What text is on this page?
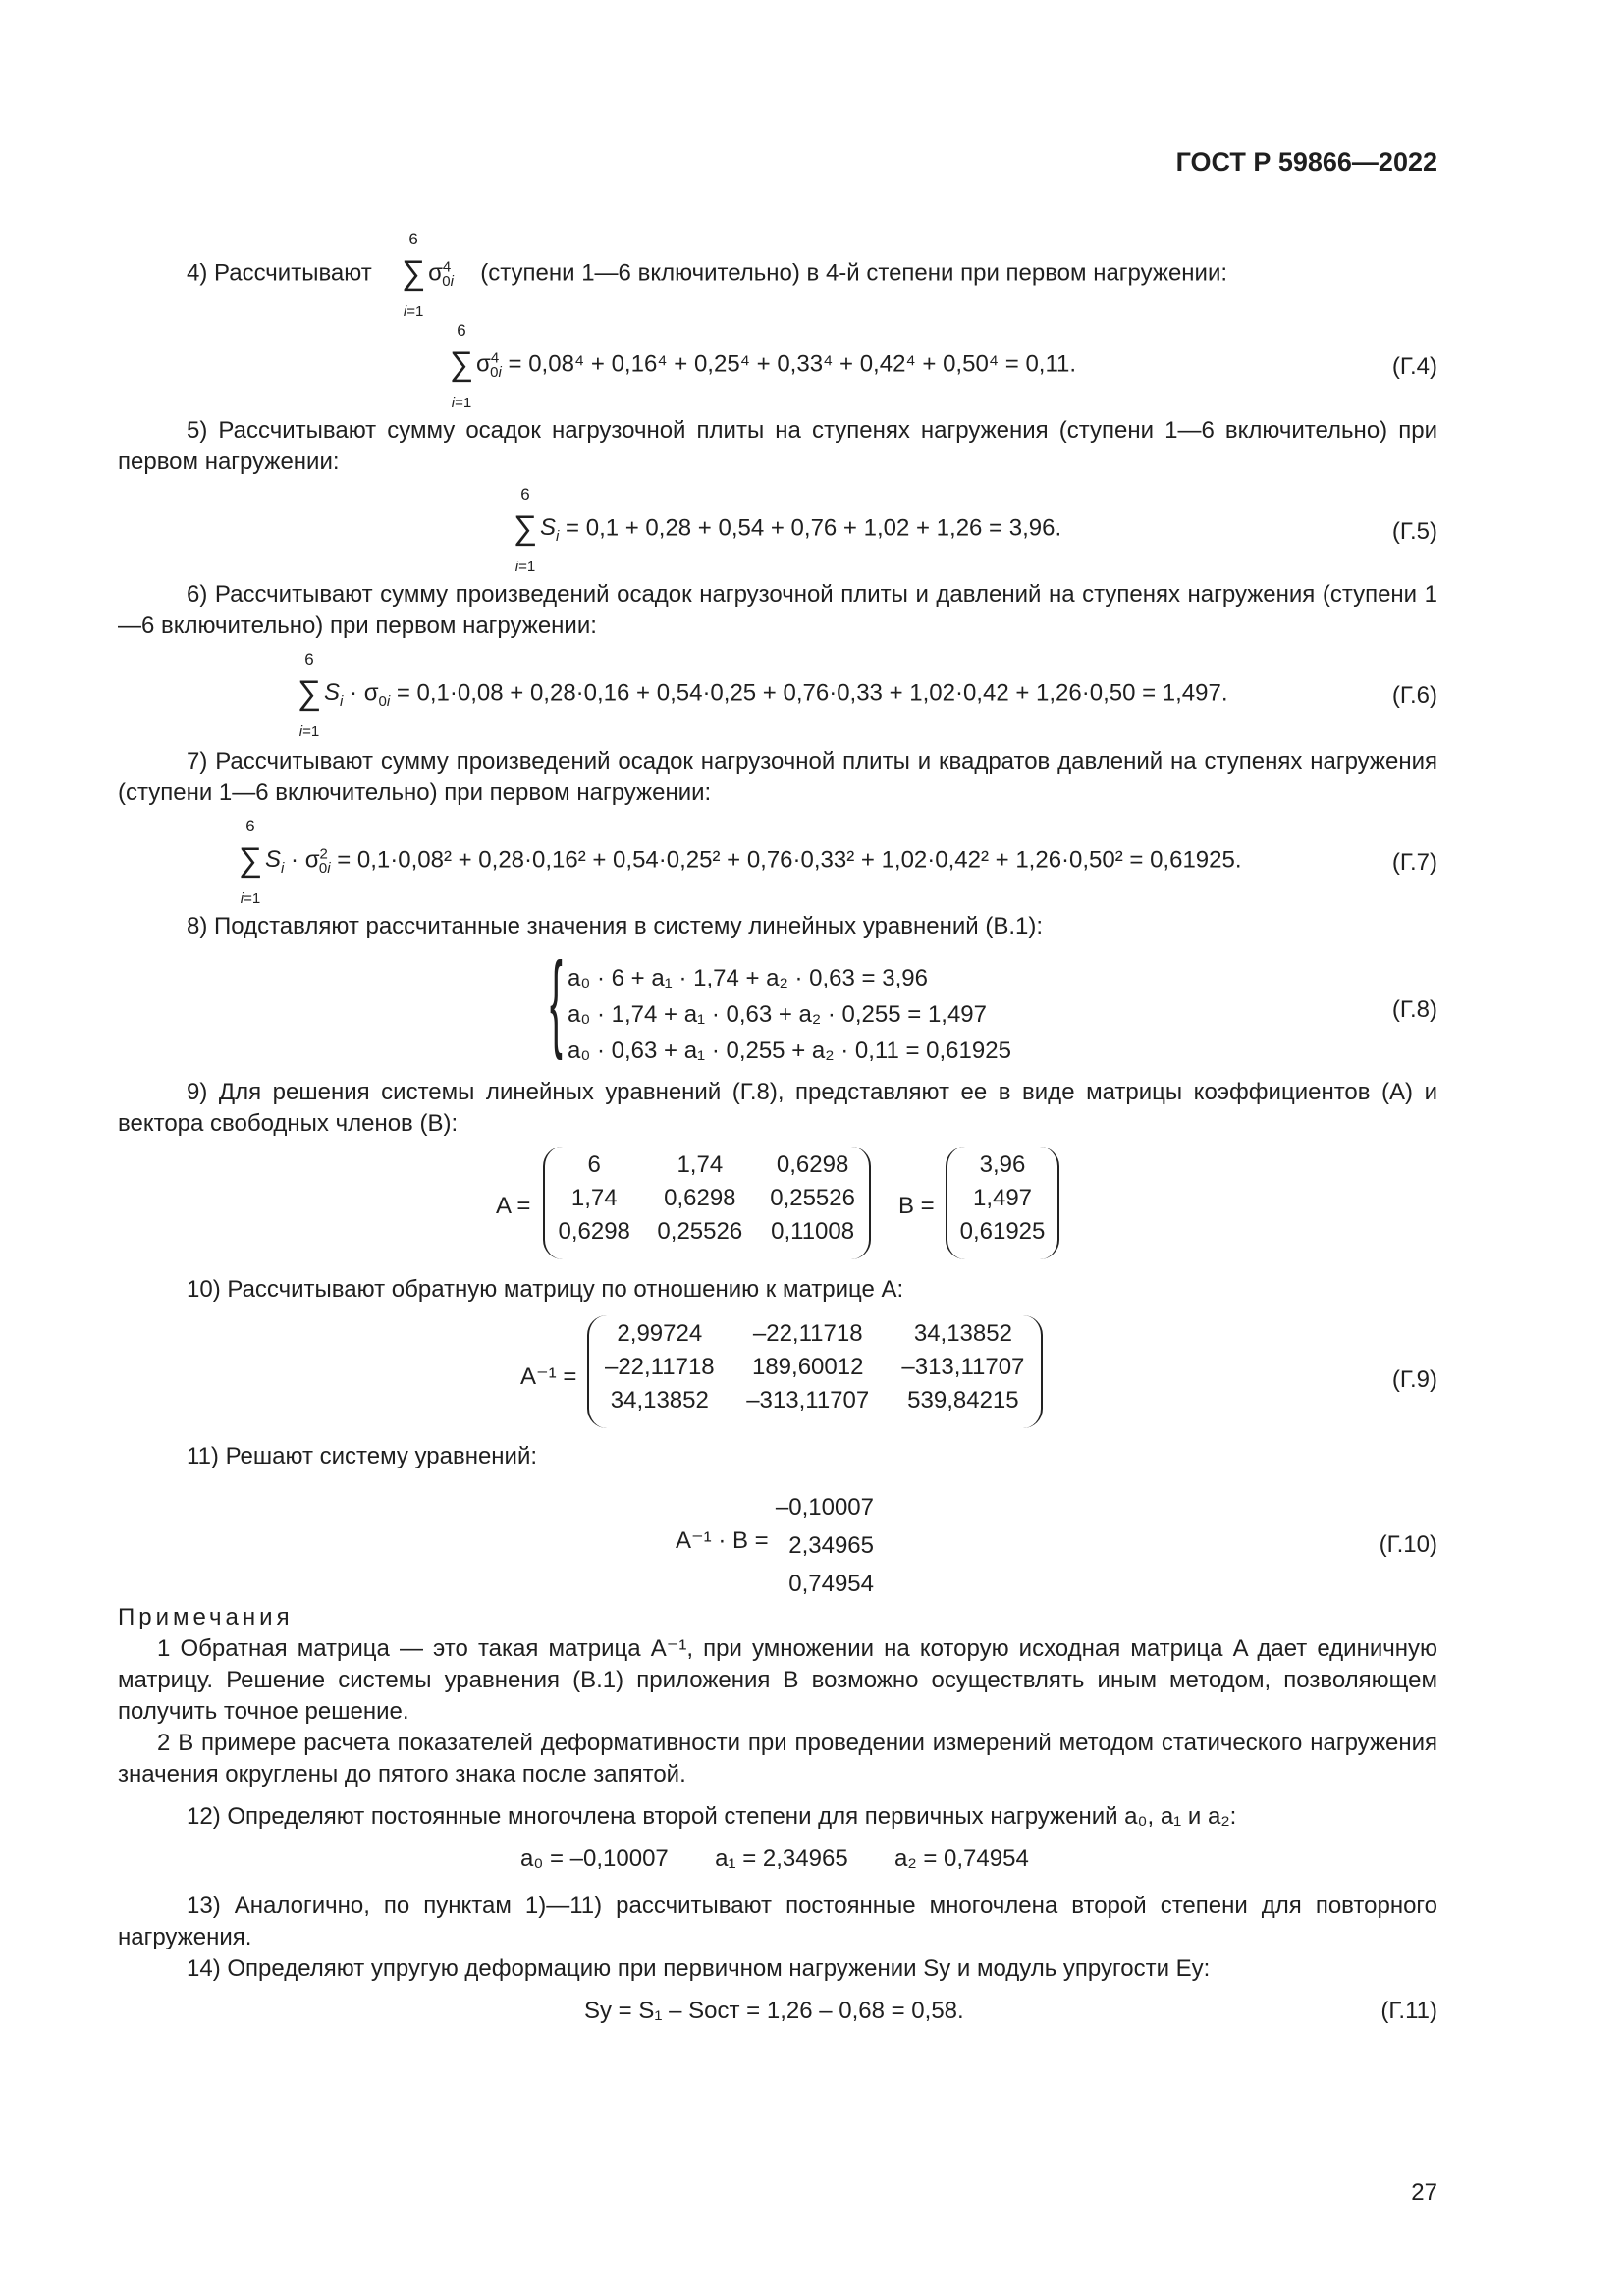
ГОСТ Р 59866—2022
4) Рассчитывают
6
∑
i=1
$\sigma^4_{0i}$ (ступени 1—6 включительно) в 4-й степени при первом нагружении:
6
∑
i=1
$\sigma^4_{0i} = 0,08^4 + 0,16^4 + 0,25^4 + 0,33^4 + 0,42^4 + 0,50^4 = 0,11$.	(Г.4)
5) Рассчитывают сумму осадок нагрузочной плиты на ступенях нагружения (ступени 1—6 включительно) при первом нагружении:
6
∑
i=1
$S_i = 0,1 + 0,28 + 0,54 + 0,76 + 1,02 + 1,26 = 3,96$.	(Г.5)
6) Рассчитывают сумму произведений осадок нагрузочной плиты и давлений на ступенях нагружения (ступени 1—6 включительно) при первом нагружении:
6
∑
i=1
$S_i \cdot \sigma_{0i} = 0,1\cdot 0,08 + 0,28\cdot 0,16 + 0,54\cdot 0,25 + 0,76\cdot 0,33 + 1,02\cdot 0,42 + 1,26\cdot 0,50 = 1,497$.	(Г.6)
7) Рассчитывают сумму произведений осадок нагрузочной плиты и квадратов давлений на ступенях нагружения (ступени 1—6 включительно) при первом нагружении:
6
∑
i=1
$S_i \cdot \sigma^2_{0i} = 0,1\cdot 0,08^2 + 0,28\cdot 0,16^2 + 0,54\cdot 0,25^2 + 0,76\cdot 0,33^2 + 1,02\cdot 0,42^2 + 1,26\cdot 0,50^2 = 0,61925$.	(Г.7)
8) Подставляют рассчитанные значения в систему линейных уравнений (В.1):
{ a₀ · 6 + a₁ · 1,74 + a₂ · 0,63 = 3,96
a₀ · 1,74 + a₁ · 0,63 + a₂ · 0,255 = 1,497
a₀ · 0,63 + a₁ · 0,255 + a₂ · 0,11 = 0,61925
(Г.8)
9) Для решения системы линейных уравнений (Г.8), представляют ее в виде матрицы коэффициентов (A) и вектора свободных членов (B):
A =
6	1,74	0,6298
1,74	0,6298	0,25526
0,6298	0,25526	0,11008
B =
3,96
1,497
0,61925
10) Рассчитывают обратную матрицу по отношению к матрице A:
A⁻¹ =
2,99724	–22,11718	34,13852
–22,11718	189,60012	–313,11707
34,13852	–313,11707	539,84215
(Г.9)
11) Решают систему уравнений:
A⁻¹ · B =
–0,10007
2,34965
0,74954
(Г.10)
Примечания
1 Обратная матрица — это такая матрица A⁻¹, при умножении на которую исходная матрица A дает единичную матрицу. Решение системы уравнения (В.1) приложения В возможно осуществлять иным методом, позволяющем получить точное решение.
2 В примере расчета показателей деформативности при проведении измерений методом статического нагружения значения округлены до пятого знака после запятой.
12) Определяют постоянные многочлена второй степени для первичных нагружений a₀, a₁ и a₂:
a₀ = –0,10007 a₁ = 2,34965 a₂ = 0,74954
13) Аналогично, по пунктам 1)—11) рассчитывают постоянные многочлена второй степени для повторного нагружения.
14) Определяют упругую деформацию при первичном нагружении Sу и модуль упругости Eу:
Sу = S₁ – Sост = 1,26 – 0,68 = 0,58.	(Г.11)
27
